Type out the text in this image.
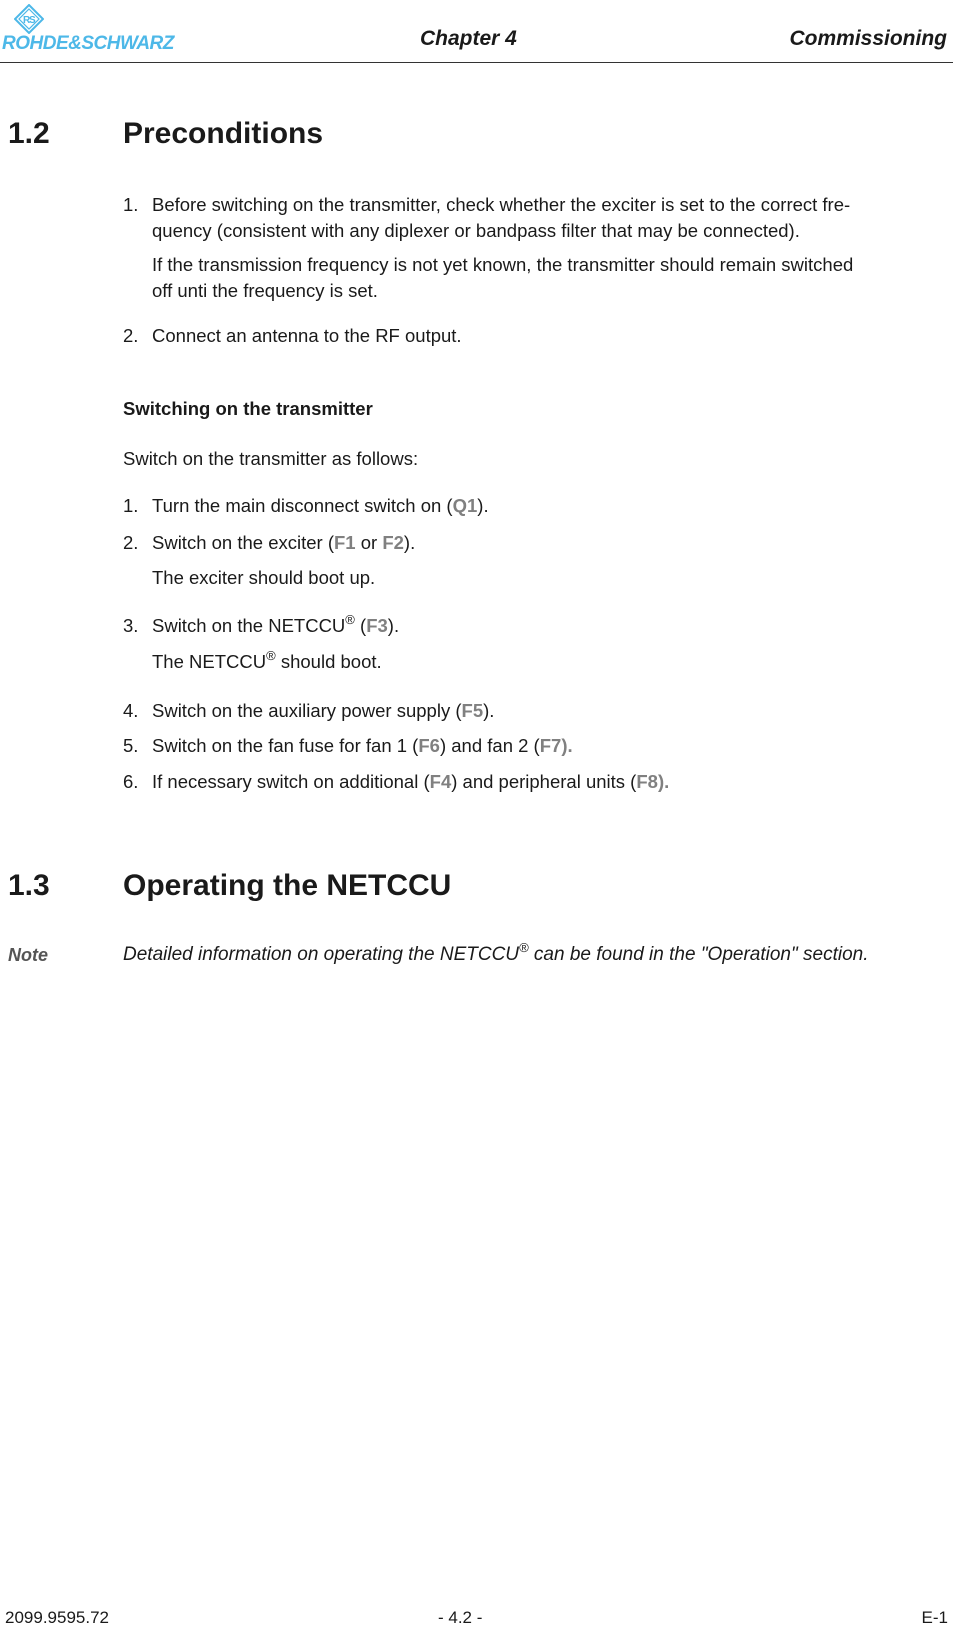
R
S
ROHDE&SCHWARZ	Chapter 4	Commissioning
1.2 Preconditions
1. Before switching on the transmitter, check whether the exciter is set to the correct fre-
quency (consistent with any diplexer or bandpass filter that may be connected).
If the transmission frequency is not yet known, the transmitter should remain switched
off unti the frequency is set.
2. Connect an antenna to the RF output.
Switching on the transmitter
Switch on the transmitter as follows:
1. Turn the main disconnect switch on (Q1).
2. Switch on the exciter (F1 or F2).
The exciter should boot up.
3. Switch on the NETCCU® (F3).
The NETCCU® should boot.
4. Switch on the auxiliary power supply (F5).
5. Switch on the fan fuse for fan 1 (F6) and fan 2 (F7).
6. If necessary switch on additional (F4) and peripheral units (F8).
1.3 Operating the NETCCU
Note	Detailed information on operating the NETCCU® can be found in the "Operation" section.
2099.9595.72	- 4.2 -	E-1
